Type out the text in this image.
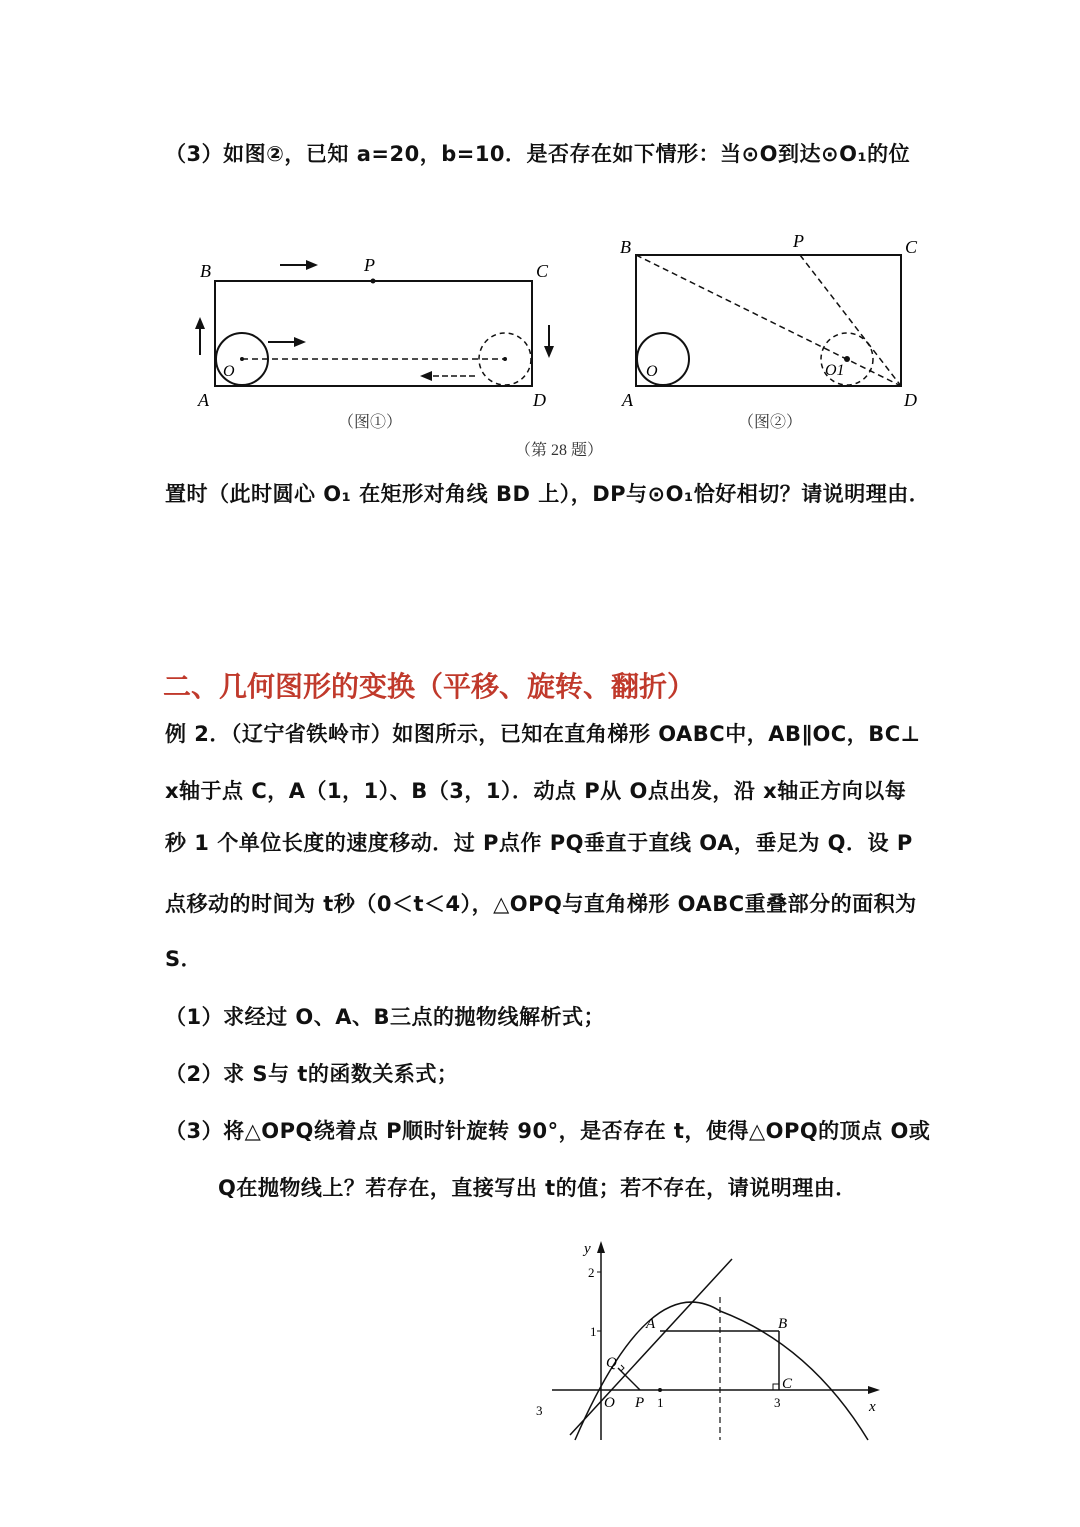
（3）如图②，已知 a=20，b=10．是否存在如下情形：当⊙O到达⊙O₁的位
B	P	C
A	D
O
（图①）
B	P	C
A	D
O	O1
（图②）
（第 28 题）
置时（此时圆心 O₁ 在矩形对角线 BD 上），DP与⊙O₁恰好相切？请说明理由．
二、几何图形的变换（平移、旋转、翻折）
例 2．（辽宁省铁岭市）如图所示，已知在直角梯形 OABC中，AB∥OC，BC⊥
x轴于点 C，A（1，1）、B（3，1）．动点 P从 O点出发，沿 x轴正方向以每
秒 1 个单位长度的速度移动．过 P点作 PQ垂直于直线 OA，垂足为 Q．设 P
点移动的时间为 t秒（0＜t＜4），△OPQ与直角梯形 OABC重叠部分的面积为
S．
（1）求经过 O、A、B三点的抛物线解析式；
（2）求 S与 t的函数关系式；
（3）将△OPQ绕着点 P顺时针旋转 90°，是否存在 t，使得△OPQ的顶点 O或
Q在抛物线上？若存在，直接写出 t的值；若不存在，请说明理由．
y
2
1	A	B
C
Q
O P 1	3	x
3
